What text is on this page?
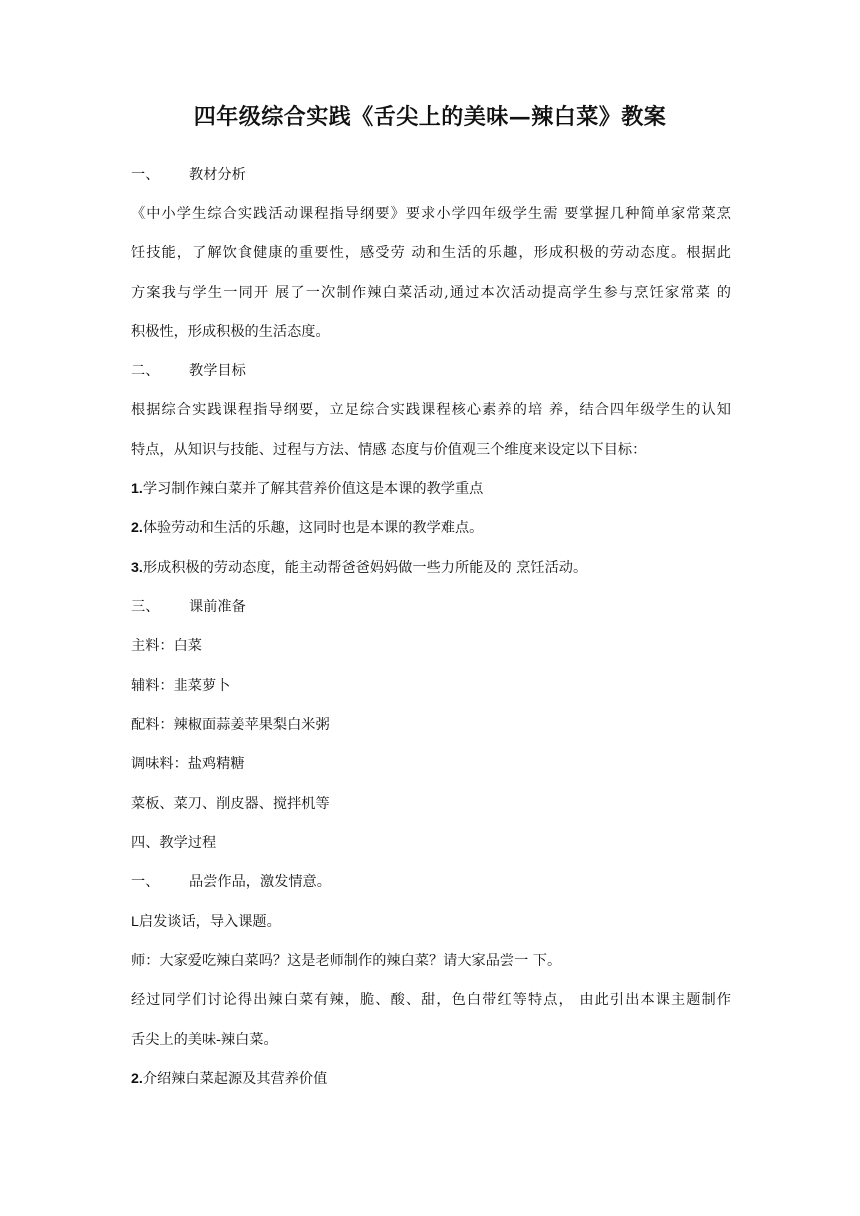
四年级综合实践《舌尖上的美味—辣白菜》教案
一、 教材分析
《中小学生综合实践活动课程指导纲要》要求小学四年级学生需 要掌握几种简单家常菜烹
饪技能，了解饮食健康的重要性，感受劳 动和生活的乐趣，形成积极的劳动态度。根据此
方案我与学生一同开 展了一次制作辣白菜活动,通过本次活动提高学生参与烹饪家常菜 的
积极性，形成积极的生活态度。
二、 教学目标
根据综合实践课程指导纲要，立足综合实践课程核心素养的培 养，结合四年级学生的认知
特点，从知识与技能、过程与方法、情感 态度与价值观三个维度来设定以下目标：
1.学习制作辣白菜并了解其营养价值这是本课的教学重点
2.体验劳动和生活的乐趣，这同时也是本课的教学难点。
3.形成积极的劳动态度，能主动帮爸爸妈妈做一些力所能及的 烹饪活动。
三、 课前准备
主料：白菜
辅料：韭菜萝卜
配料：辣椒面蒜姜苹果梨白米粥
调味料：盐鸡精糖
菜板、菜刀、削皮器、搅拌机等
四、教学过程
一、 品尝作品，激发情意。
L启发谈话，导入课题。
师：大家爱吃辣白菜吗？这是老师制作的辣白菜？请大家品尝一 下。
经过同学们讨论得出辣白菜有辣，脆、酸、甜，色白带红等特点， 由此引出本课主题制作
舌尖上的美味-辣白菜。
2.介绍辣白菜起源及其营养价值
